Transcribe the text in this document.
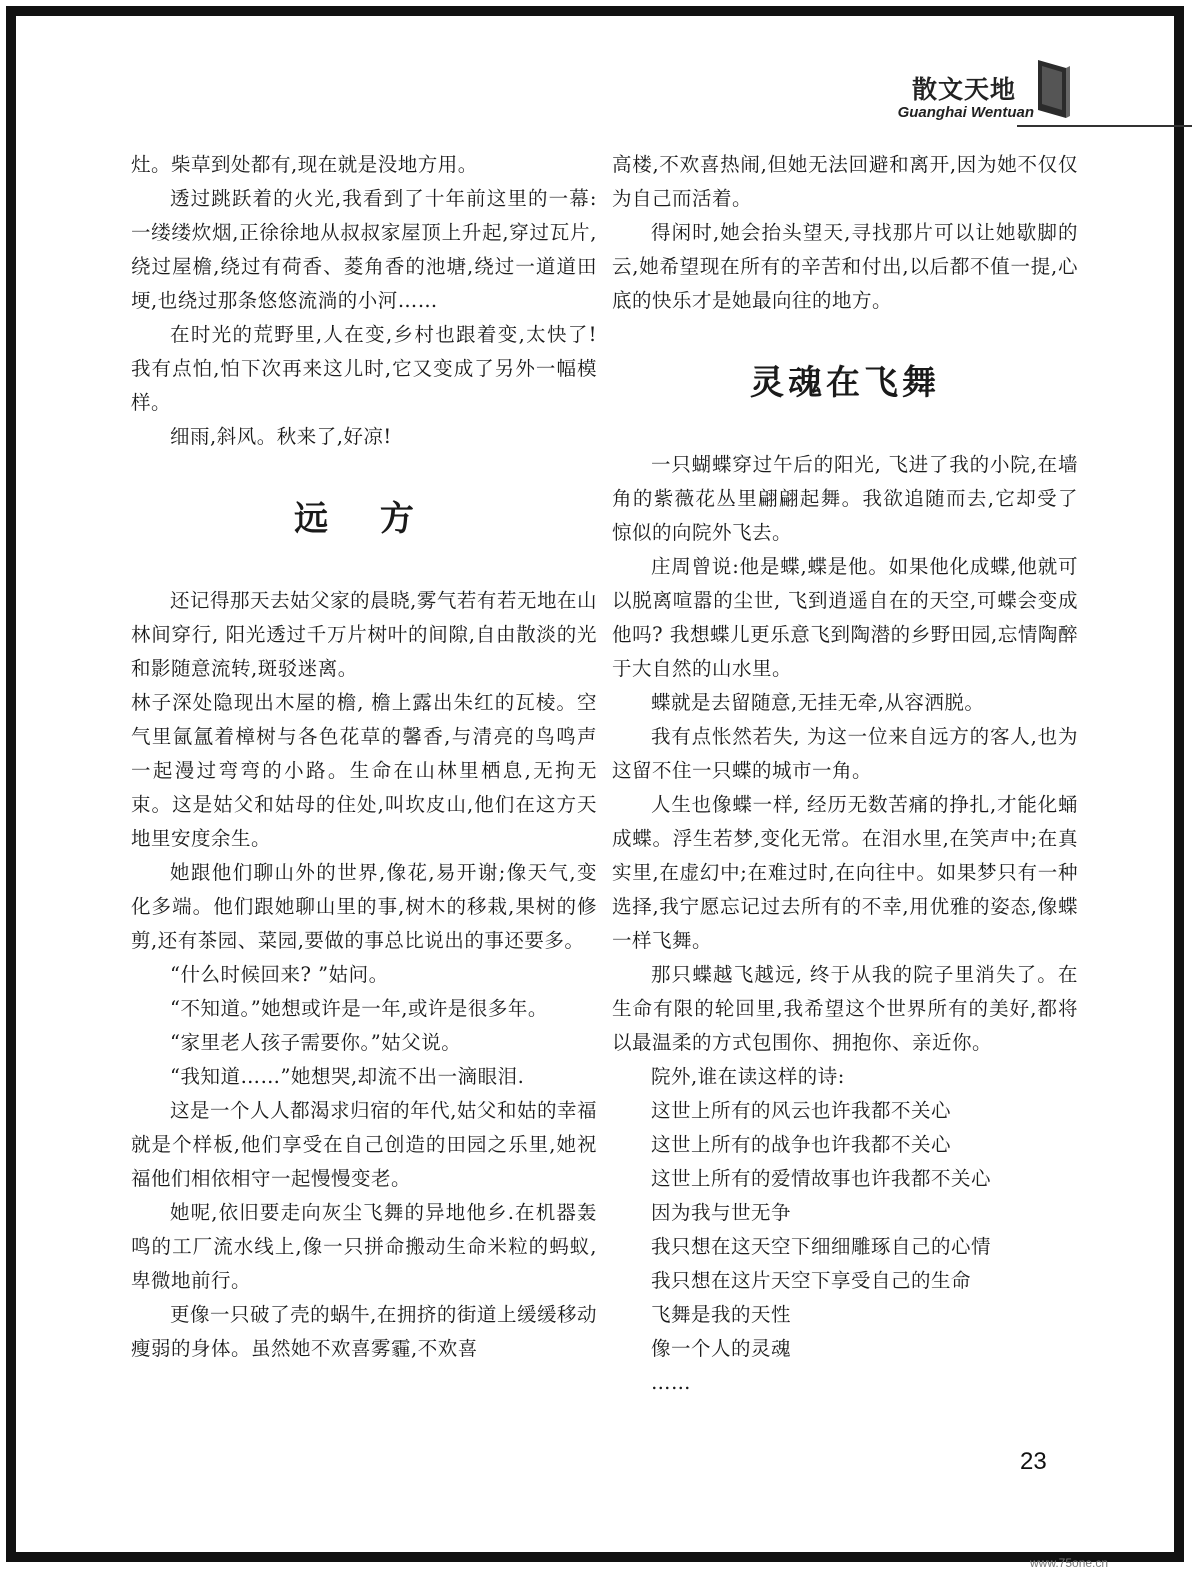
散文天地
Guanghai Wentuan

灶。柴草到处都有,现在就是没地方用。

透过跳跃着的火光,我看到了十年前这里的一幕:一缕缕炊烟,正徐徐地从叔叔家屋顶上升起,穿过瓦片,绕过屋檐,绕过有荷香、菱角香的池塘,绕过一道道田埂,也绕过那条悠悠流淌的小河……

在时光的荒野里,人在变,乡村也跟着变,太快了! 我有点怕,怕下次再来这儿时,它又变成了另外一幅模样。

细雨,斜风。秋来了,好凉!

远 方

还记得那天去姑父家的晨晓,雾气若有若无地在山林间穿行, 阳光透过千万片树叶的间隙,自由散淡的光和影随意流转,斑驳迷离。

林子深处隐现出木屋的檐, 檐上露出朱红的瓦棱。空气里氤氲着樟树与各色花草的馨香,与清亮的鸟鸣声一起漫过弯弯的小路。生命在山林里栖息,无拘无束。这是姑父和姑母的住处,叫坎皮山,他们在这方天地里安度余生。

她跟他们聊山外的世界,像花,易开谢;像天气,变化多端。他们跟她聊山里的事,树木的移栽,果树的修剪,还有茶园、菜园,要做的事总比说出的事还要多。

“什么时候回来? ”姑问。

“不知道。”她想或许是一年,或许是很多年。

“家里老人孩子需要你。”姑父说。

“我知道……”她想哭,却流不出一滴眼泪.

这是一个人人都渴求归宿的年代,姑父和姑的幸福就是个样板,他们享受在自己创造的田园之乐里,她祝福他们相依相守一起慢慢变老。

她呢,依旧要走向灰尘飞舞的异地他乡.在机器轰鸣的工厂流水线上,像一只拼命搬动生命米粒的蚂蚁,卑微地前行。

更像一只破了壳的蜗牛,在拥挤的街道上缓缓移动瘦弱的身体。虽然她不欢喜雾霾,不欢喜

高楼,不欢喜热闹,但她无法回避和离开,因为她不仅仅为自己而活着。

得闲时,她会抬头望天,寻找那片可以让她歇脚的云,她希望现在所有的辛苦和付出,以后都不值一提,心底的快乐才是她最向往的地方。

灵魂在飞舞

一只蝴蝶穿过午后的阳光, 飞进了我的小院,在墙角的紫薇花丛里翩翩起舞。我欲追随而去,它却受了惊似的向院外飞去。

庄周曾说:他是蝶,蝶是他。如果他化成蝶,他就可以脱离喧嚣的尘世, 飞到逍遥自在的天空,可蝶会变成他吗? 我想蝶儿更乐意飞到陶潜的乡野田园,忘情陶醉于大自然的山水里。

蝶就是去留随意,无挂无牵,从容洒脱。

我有点怅然若失, 为这一位来自远方的客人,也为这留不住一只蝶的城市一角。

人生也像蝶一样, 经历无数苦痛的挣扎,才能化蛹成蝶。浮生若梦,变化无常。在泪水里,在笑声中;在真实里,在虚幻中;在难过时,在向往中。如果梦只有一种选择,我宁愿忘记过去所有的不幸,用优雅的姿态,像蝶一样飞舞。

那只蝶越飞越远, 终于从我的院子里消失了。在生命有限的轮回里,我希望这个世界所有的美好,都将以最温柔的方式包围你、拥抱你、亲近你。

院外,谁在读这样的诗:

这世上所有的风云也许我都不关心

这世上所有的战争也许我都不关心

这世上所有的爱情故事也许我都不关心

因为我与世无争

我只想在这天空下细细雕琢自己的心情

我只想在这片天空下享受自己的生命

飞舞是我的天性

像一个人的灵魂

……

23
www.75one.cn
